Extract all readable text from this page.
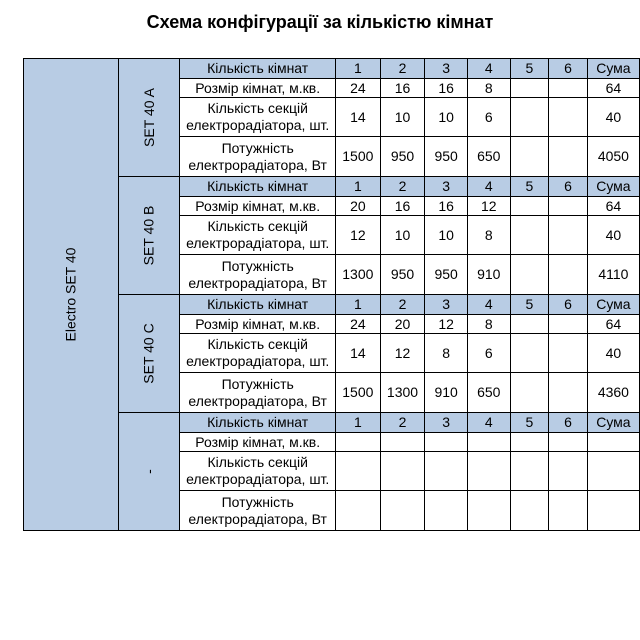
Схема конфігурації за кількістю кімнат
Electro SET 40	SET 40 A	Кількість кімнат	1	2	3	4	5	6	Сума
		Розмір кімнат, м.кв.	24	16	16	8			64
		Кількість секцій електрорадіатора, шт.	14	10	10	6			40
		Потужність електрорадіатора, Вт	1500	950	950	650			4050
	SET 40 B	Кількість кімнат	1	2	3	4	5	6	Сума
		Розмір кімнат, м.кв.	20	16	16	12			64
		Кількість секцій електрорадіатора, шт.	12	10	10	8			40
		Потужність електрорадіатора, Вт	1300	950	950	910			4110
	SET 40 C	Кількість кімнат	1	2	3	4	5	6	Сума
		Розмір кімнат, м.кв.	24	20	12	8			64
		Кількість секцій електрорадіатора, шт.	14	12	8	6			40
		Потужність електрорадіатора, Вт	1500	1300	910	650			4360
	-	Кількість кімнат	1	2	3	4	5	6	Сума
		Розмір кімнат, м.кв.							
		Кількість секцій електрорадіатора, шт.							
		Потужність електрорадіатора, Вт							
